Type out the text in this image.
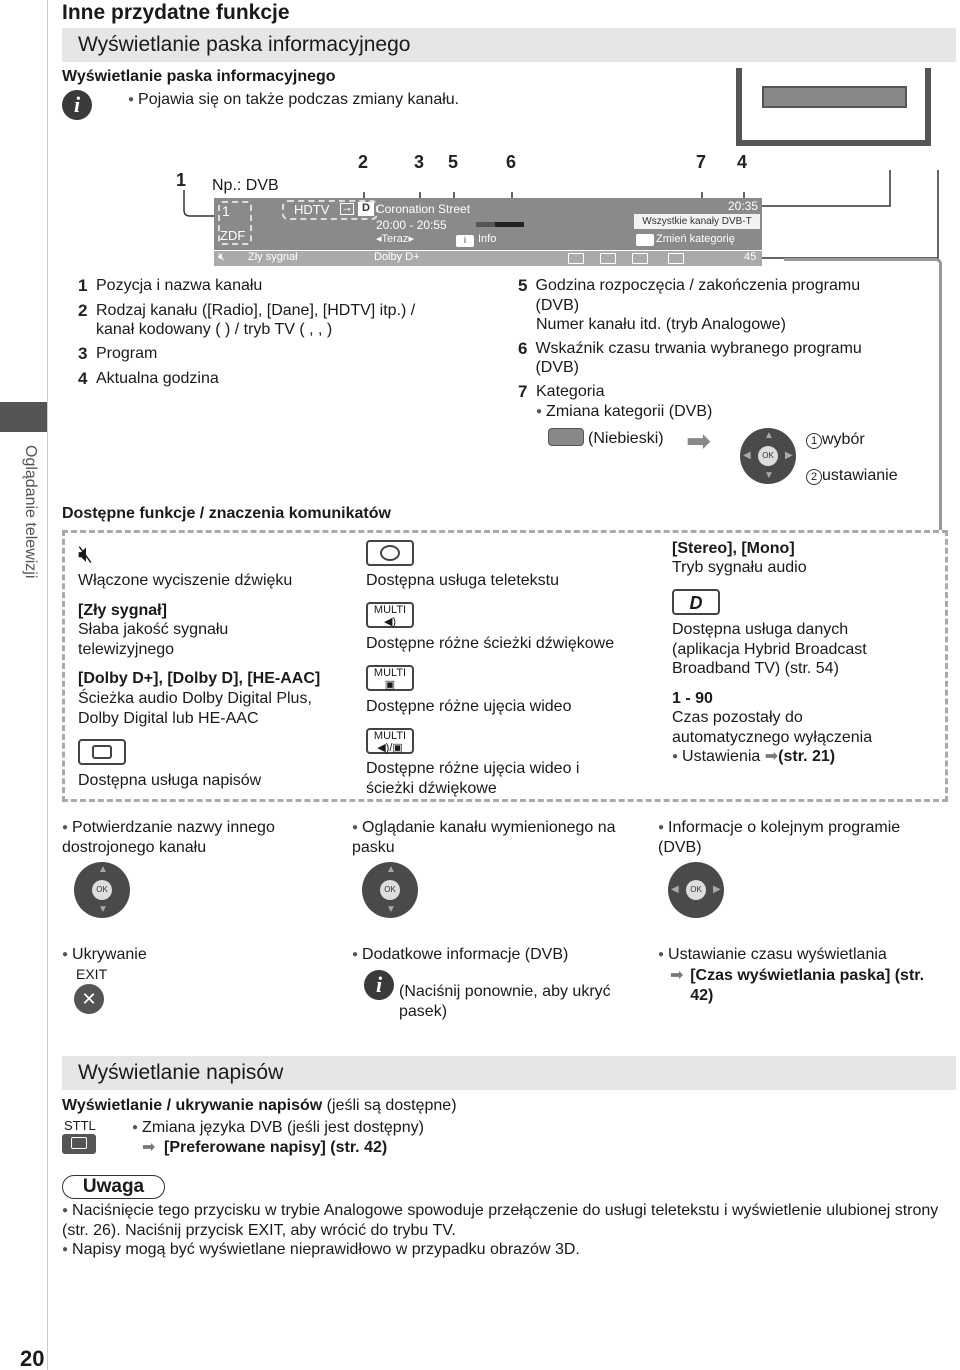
Inne przydatne funkcje
Wyświetlanie paska informacyjnego
Wyświetlanie paska informacyjnego
i	● Pojawia się on także podczas zmiany kanału.
1 Np.: DVB
2	3 5	6	7 4
1
ZDF
HDTV	⊸	D Coronation Street
20:00 - 20:55
◂Teraz▸	i	Info
20:35
Wszystkie kanały DVB-T
Zmień kategorię
🔇︎ Zły sygnał	Dolby D+	45
1 Pozycja i nazwa kanału
2 Rodzaj kanału ([Radio], [Dane], [HDTV] itp.) / kanał kodowany ( ) / tryb TV ( , , )
3 Program
4 Aktualna godzina
5 Godzina rozpoczęcia / zakończenia programu (DVB)
Numer kanału itd. (tryb Analogowe)
6 Wskaźnik czasu trwania wybranego programu (DVB)
7 Kategoria
● Zmiana kategorii (DVB)
(Niebieski) ➡	▲
▼
◀	▶
OK
1 wybór
2 ustawianie
Dostępne funkcje / znaczenia komunikatów
🔇︎
Włączone wyciszenie dźwięku
[Zły sygnał]
Słaba jakość sygnału telewizyjnego
[Dolby D+], [Dolby D], [HE-AAC]
Ścieżka audio Dolby Digital Plus, Dolby Digital lub HE-AAC
Dostępna usługa napisów
Dostępna usługa teletekstu
MULTI
◀)
Dostępne różne ścieżki dźwiękowe
MULTI
▣
Dostępne różne ujęcia wideo
MULTI
◀)/▣
Dostępne różne ujęcia wideo i ścieżki dźwiękowe
[Stereo], [Mono]
Tryb sygnału audio
D
Dostępna usługa danych (aplikacja Hybrid Broadcast Broadband TV) (str. 54)
1 - 90
Czas pozostały do automatycznego wyłączenia
● Ustawienia ➡(str. 21)
● Potwierdzanie nazwy innego dostrojonego kanału
▲
▼
OK
● Oglądanie kanału wymienionego na pasku
▲
▼
OK
● Informacje o kolejnym programie (DVB)
◀	▶
OK
● Ukrywanie
EXIT
✕
● Dodatkowe informacje (DVB)
i	(Naciśnij ponownie, aby ukryć pasek)
● Ustawianie czasu wyświetlania
➡ [Czas wyświetlania paska] (str. 42)
Wyświetlanie napisów
Wyświetlanie / ukrywanie napisów (jeśli są dostępne)
STTL	● Zmiana języka DVB (jeśli jest dostępny)
➡ [Preferowane napisy] (str. 42)
Uwaga
● Naciśnięcie tego przycisku w trybie Analogowe spowoduje przełączenie do usługi teletekstu i wyświetlenie ulubionej strony (str. 26). Naciśnij przycisk EXIT, aby wrócić do trybu TV.
● Napisy mogą być wyświetlane nieprawidłowo w przypadku obrazów 3D.
Oglądanie telewizji
20
